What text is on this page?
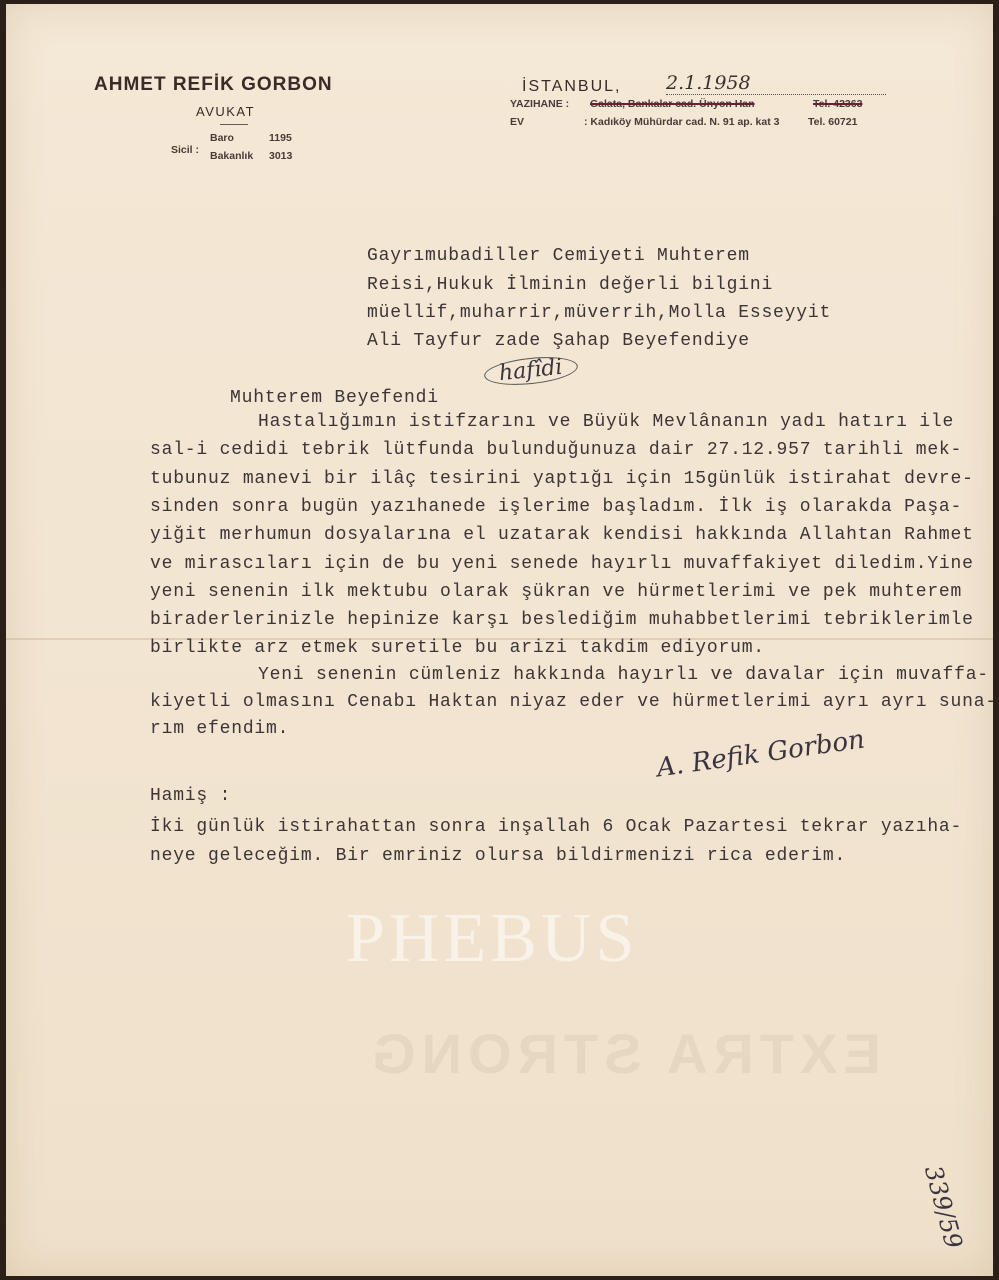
AHMET REFİK GORBON
AVUKAT
Sicil :
Baro	1195
Bakanlık 3013
İSTANBUL, 2.1.1958
YAZIHANE : Galata, Bankalar cad. Ünyon Han	Tel. 42363
EV	: Kadıköy Mühürdar cad. N. 91 ap. kat 3	Tel. 60721
Gayrımubadiller Cemiyeti Muhterem
Reisi,Hukuk İlminin değerli bilgini
müellif,muharrir,müverrih,Molla Esseyyit
Ali Tayfur zade Şahap Beyefendiye
hafîdi
Muhterem Beyefendi
Hastalığımın istifzarını ve Büyük Mevlânanın yadı hatırı ile
sal-i cedidi tebrik lütfunda bulunduğunuza dair 27.12.957 tarihli mek-
tubunuz manevi bir ilâç tesirini yaptığı için 15günlük istirahat devre-
sinden sonra bugün yazıhanede işlerime başladım. İlk iş olarakda Paşa-
yiğit merhumun dosyalarına el uzatarak kendisi hakkında Allahtan Rahmet
ve mirascıları için de bu yeni senede hayırlı muvaffakiyet diledim.Yine
yeni senenin ilk mektubu olarak şükran ve hürmetlerimi ve pek muhterem
biraderlerinizle hepinize karşı beslediğim muhabbetlerimi tebriklerimle
birlikte arz etmek suretile bu arizi takdim ediyorum.
Yeni senenin cümleniz hakkında hayırlı ve davalar için muvaffa-
kiyetli olmasını Cenabı Haktan niyaz eder ve hürmetlerimi ayrı ayrı suna-
rım efendim.	A. Refik Gorbon
Hamiş :
İki günlük istirahattan sonra inşallah 6 Ocak Pazartesi tekrar yazıha-
neye geleceğim. Bir emriniz olursa bildirmenizi rica ederim.
PHEBUS
EXTRA STRONG
339/59
